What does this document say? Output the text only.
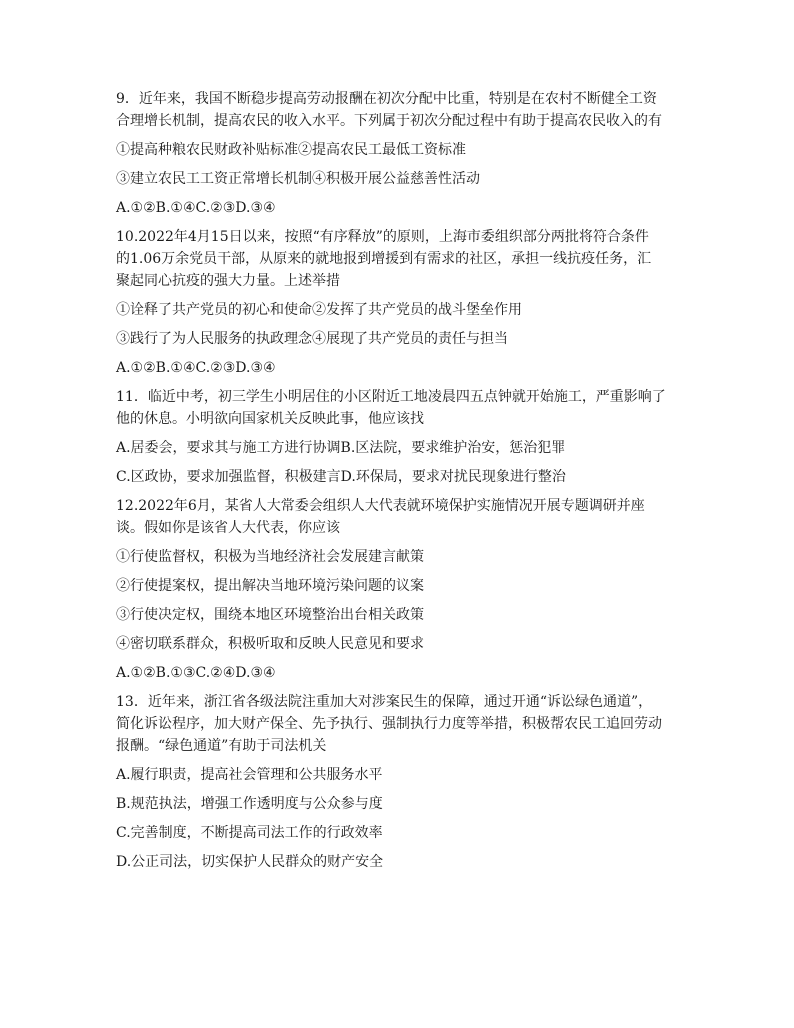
9．近年来，我国不断稳步提高劳动报酬在初次分配中比重，特别是在农村不断健全工资

合理增长机制，提高农民的收入水平。下列属于初次分配过程中有助于提高农民收入的有

①提高种粮农民财政补贴标准②提高农民工最低工资标准

③建立农民工工资正常增长机制④积极开展公益慈善性活动

A.①②B.①④C.②③D.③④

10.2022年4月15日以来，按照“有序释放”的原则，上海市委组织部分两批将符合条件

的1.06万余党员干部，从原来的就地报到增援到有需求的社区，承担一线抗疫任务，汇

聚起同心抗疫的强大力量。上述举措

①诠释了共产党员的初心和使命②发挥了共产党员的战斗堡垒作用

③践行了为人民服务的执政理念④展现了共产党员的责任与担当

A.①②B.①④C.②③D.③④

11．临近中考，初三学生小明居住的小区附近工地凌晨四五点钟就开始施工，严重影响了

他的休息。小明欲向国家机关反映此事，他应该找

A.居委会，要求其与施工方进行协调B.区法院，要求维护治安，惩治犯罪

C.区政协，要求加强监督，积极建言D.环保局，要求对扰民现象进行整治

12.2022年6月，某省人大常委会组织人大代表就环境保护实施情况开展专题调研并座

谈。假如你是该省人大代表，你应该

①行使监督权，积极为当地经济社会发展建言献策

②行使提案权，提出解决当地环境污染问题的议案

③行使决定权，围绕本地区环境整治出台相关政策

④密切联系群众，积极听取和反映人民意见和要求

A.①②B.①③C.②④D.③④

13．近年来，浙江省各级法院注重加大对涉案民生的保障，通过开通“诉讼绿色通道”，

简化诉讼程序，加大财产保全、先予执行、强制执行力度等举措，积极帮农民工追回劳动

报酬。“绿色通道”有助于司法机关

A.履行职责，提高社会管理和公共服务水平

B.规范执法，增强工作透明度与公众参与度

C.完善制度，不断提高司法工作的行政效率

D.公正司法，切实保护人民群众的财产安全
